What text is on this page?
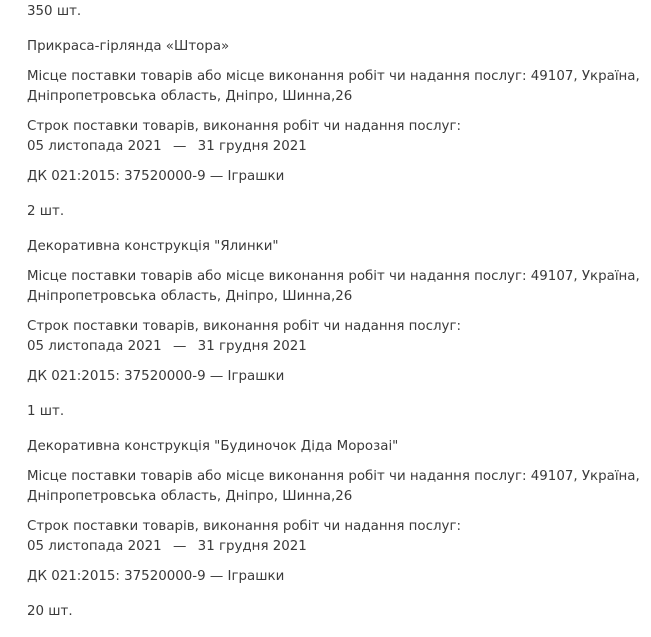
350 шт.
Прикраса-гірлянда «Штора»
Місце поставки товарів або місце виконання робіт чи надання послуг: 49107, Україна,
Дніпропетровська область, Дніпро, Шинна,26
Строк поставки товарів, виконання робіт чи надання послуг:
05 листопада 2021 — 31 грудня 2021
ДК 021:2015: 37520000-9 — Іграшки
2 шт.
Декоративна конструкція "Ялинки"
Місце поставки товарів або місце виконання робіт чи надання послуг: 49107, Україна,
Дніпропетровська область, Дніпро, Шинна,26
Строк поставки товарів, виконання робіт чи надання послуг:
05 листопада 2021 — 31 грудня 2021
ДК 021:2015: 37520000-9 — Іграшки
1 шт.
Декоративна конструкція "Будиночок Діда Морозаі"
Місце поставки товарів або місце виконання робіт чи надання послуг: 49107, Україна,
Дніпропетровська область, Дніпро, Шинна,26
Строк поставки товарів, виконання робіт чи надання послуг:
05 листопада 2021 — 31 грудня 2021
ДК 021:2015: 37520000-9 — Іграшки
20 шт.
